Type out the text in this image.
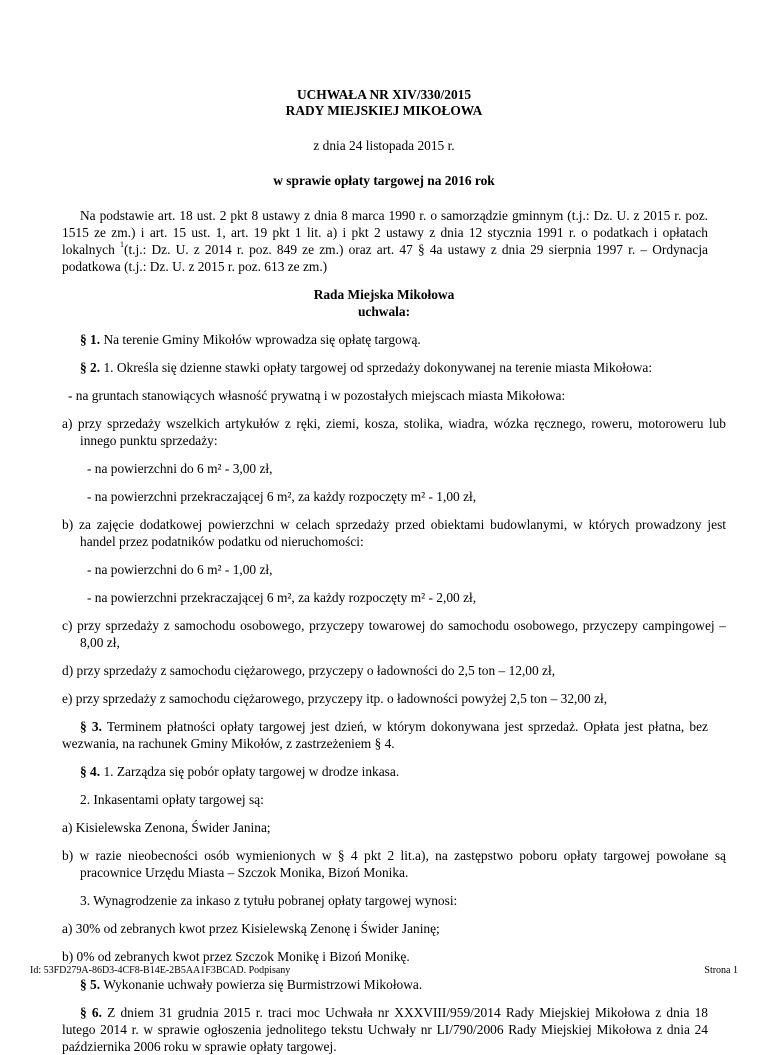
UCHWAŁA NR XIV/330/2015
RADY MIEJSKIEJ MIKOŁOWA
z dnia 24 listopada 2015 r.
w sprawie opłaty targowej na 2016 rok
Na podstawie art. 18 ust. 2 pkt 8 ustawy z dnia 8 marca 1990 r. o samorządzie gminnym (t.j.: Dz. U. z 2015 r. poz. 1515 ze zm.) i art. 15 ust. 1, art. 19 pkt 1 lit. a) i pkt 2 ustawy z dnia 12 stycznia 1991 r. o podatkach i opłatach lokalnych $^1$(t.j.: Dz. U. z 2014 r. poz. 849 ze zm.) oraz art. 47 § 4a ustawy z dnia 29 sierpnia 1997 r. – Ordynacja podatkowa (t.j.: Dz. U. z 2015 r. poz. 613 ze zm.)
Rada Miejska Mikołowa
uchwala:
§ 1. Na terenie Gminy Mikołów wprowadza się opłatę targową.
§ 2. 1. Określa się dzienne stawki opłaty targowej od sprzedaży dokonywanej na terenie miasta Mikołowa:
- na gruntach stanowiących własność prywatną i w pozostałych miejscach miasta Mikołowa:
a) przy sprzedaży wszelkich artykułów z ręki, ziemi, kosza, stolika, wiadra, wózka ręcznego, roweru, motoroweru lub innego punktu sprzedaży:
- na powierzchni do 6 m² - 3,00 zł,
- na powierzchni przekraczającej 6 m², za każdy rozpoczęty m² - 1,00 zł,
b) za zajęcie dodatkowej powierzchni w celach sprzedaży przed obiektami budowlanymi, w których prowadzony jest handel przez podatników podatku od nieruchomości:
- na powierzchni do 6 m² - 1,00 zł,
- na powierzchni przekraczającej 6 m², za każdy rozpoczęty m² - 2,00 zł,
c) przy sprzedaży z samochodu osobowego, przyczepy towarowej do samochodu osobowego, przyczepy campingowej – 8,00 zł,
d) przy sprzedaży z samochodu ciężarowego, przyczepy o ładowności do 2,5 ton – 12,00 zł,
e) przy sprzedaży z samochodu ciężarowego, przyczepy itp. o ładowności powyżej 2,5 ton – 32,00 zł,
§ 3. Terminem płatności opłaty targowej jest dzień, w którym dokonywana jest sprzedaż. Opłata jest płatna, bez wezwania, na rachunek Gminy Mikołów, z zastrzeżeniem § 4.
§ 4. 1. Zarządza się pobór opłaty targowej w drodze inkasa.
2. Inkasentami opłaty targowej są:
a) Kisielewska Zenona, Świder Janina;
b) w razie nieobecności osób wymienionych w § 4 pkt 2 lit.a), na zastępstwo poboru opłaty targowej powołane są pracownice Urzędu Miasta – Szczok Monika, Bizoń Monika.
3. Wynagrodzenie za inkaso z tytułu pobranej opłaty targowej wynosi:
a) 30% od zebranych kwot przez Kisielewską Zenonę i Świder Janinę;
Id: 53FD279A-86D3-4CF8-B14E-2B5AA1F3BCAD. Podpisany	Strona 1
b) 0% od zebranych kwot przez Szczok Monikę i Bizoń Monikę.
§ 5. Wykonanie uchwały powierza się Burmistrzowi Mikołowa.
§ 6. Z dniem 31 grudnia 2015 r. traci moc Uchwała nr XXXVIII/959/2014 Rady Miejskiej Mikołowa z dnia 18 lutego 2014 r. w sprawie ogłoszenia jednolitego tekstu Uchwały nr LI/790/2006 Rady Miejskiej Mikołowa z dnia 24 października 2006 roku w sprawie opłaty targowej.
